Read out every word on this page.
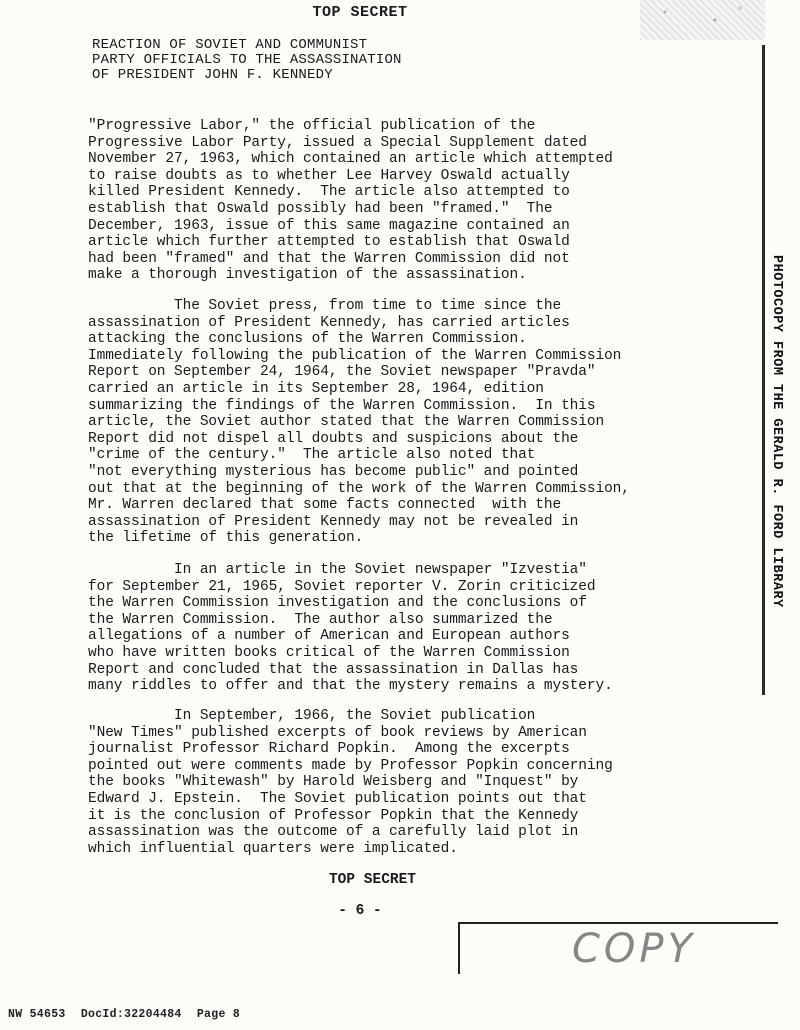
TOP SECRET
REACTION OF SOVIET AND COMMUNIST
PARTY OFFICIALS TO THE ASSASSINATION
OF PRESIDENT JOHN F. KENNEDY
PHOTOCOPY FROM THE GERALD R. FORD LIBRARY
"Progressive Labor," the official publication of the
Progressive Labor Party, issued a Special Supplement dated
November 27, 1963, which contained an article which attempted
to raise doubts as to whether Lee Harvey Oswald actually
killed President Kennedy.  The article also attempted to
establish that Oswald possibly had been "framed."  The
December, 1963, issue of this same magazine contained an
article which further attempted to establish that Oswald
had been "framed" and that the Warren Commission did not
make a thorough investigation of the assassination.
The Soviet press, from time to time since the
assassination of President Kennedy, has carried articles
attacking the conclusions of the Warren Commission.
Immediately following the publication of the Warren Commission
Report on September 24, 1964, the Soviet newspaper "Pravda"
carried an article in its September 28, 1964, edition
summarizing the findings of the Warren Commission.  In this
article, the Soviet author stated that the Warren Commission
Report did not dispel all doubts and suspicions about the
"crime of the century."  The article also noted that
"not everything mysterious has become public" and pointed
out that at the beginning of the work of the Warren Commission,
Mr. Warren declared that some facts connected  with the
assassination of President Kennedy may not be revealed in
the lifetime of this generation.
In an article in the Soviet newspaper "Izvestia"
for September 21, 1965, Soviet reporter V. Zorin criticized
the Warren Commission investigation and the conclusions of
the Warren Commission.  The author also summarized the
allegations of a number of American and European authors
who have written books critical of the Warren Commission
Report and concluded that the assassination in Dallas has
many riddles to offer and that the mystery remains a mystery.
In September, 1966, the Soviet publication
"New Times" published excerpts of book reviews by American
journalist Professor Richard Popkin.  Among the excerpts
pointed out were comments made by Professor Popkin concerning
the books "Whitewash" by Harold Weisberg and "Inquest" by
Edward J. Epstein.  The Soviet publication points out that
it is the conclusion of Professor Popkin that the Kennedy
assassination was the outcome of a carefully laid plot in
which influential quarters were implicated.
TOP SECRET
- 6 -
COPY
NW 54653 DocId:32204484 Page 8
